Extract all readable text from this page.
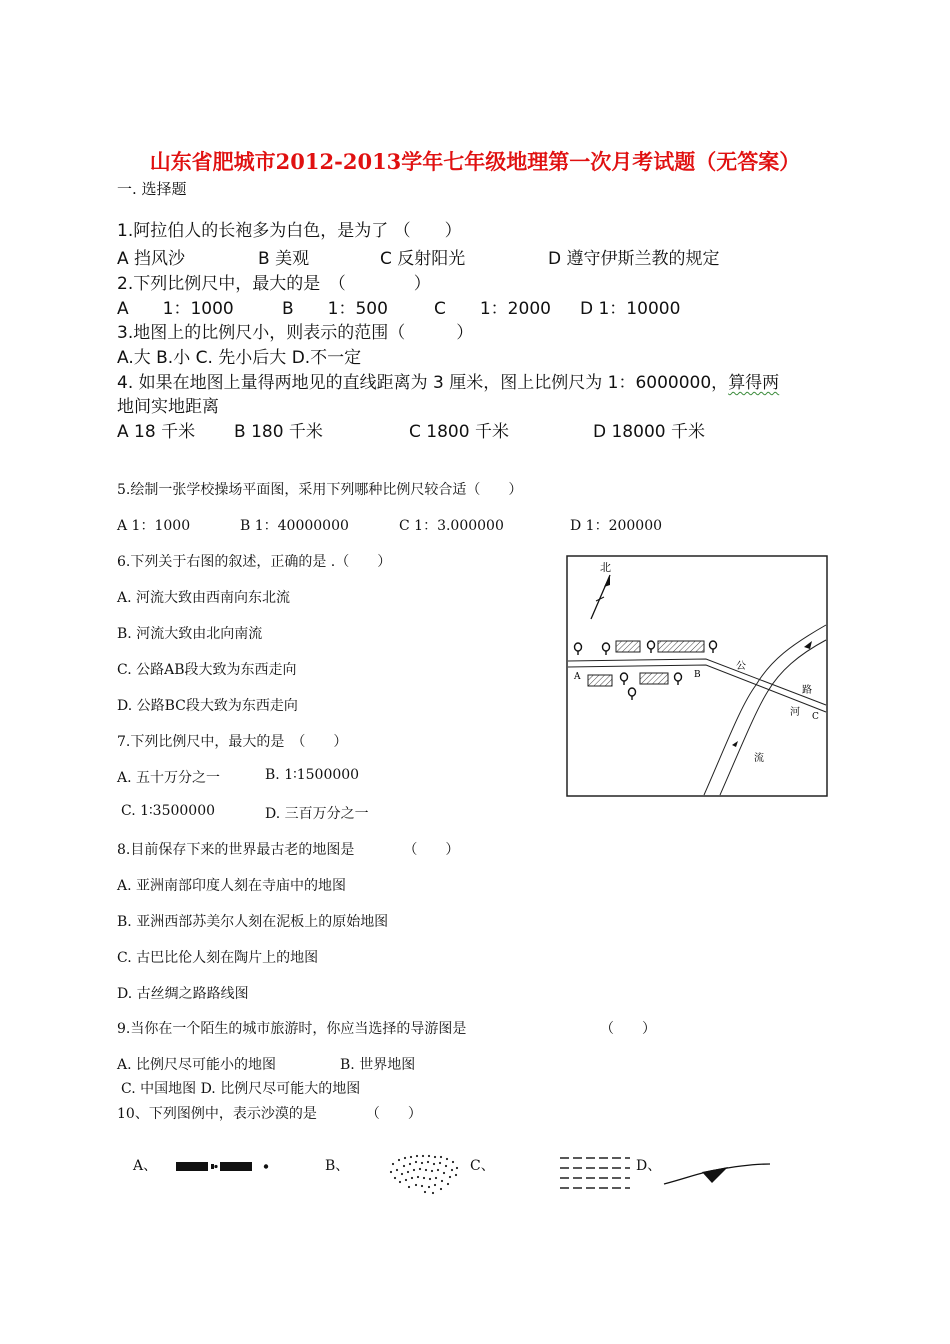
山东省肥城市2012-2013学年七年级地理第一次月考试题（无答案）
一. 选择题
1.阿拉伯人的长袍多为白色，是为了 （　　）
A 挡风沙	B 美观	C 反射阳光	D 遵守伊斯兰教的规定
2.下列比例尺中，最大的是　（　　　　）
A　　1：1000	B　　1：500	C　　1：2000 D 1：10000
3.地图上的比例尺小，则表示的范围（　　　）
A.大 B.小 C. 先小后大 D.不一定
4. 如果在地图上量得两地见的直线距离为 3 厘米，图上比例尺为 1：6000000，算得两
地间实地距离
A 18 千米 B 180 千米	C 1800 千米	D 18000 千米
5.绘制一张学校操场平面图，采用下列哪种比例尺较合适（　　）
A 1：1000	B 1：40000000	C 1：3.000000	D 1：200000
6.下列关于右图的叙述，正确的是 .（　　）
A. 河流大致由西南向东北流
B. 河流大致由北向南流
C. 公路AB段大致为东西走向
D. 公路BC段大致为东西走向
北
A	B
C
公
路
河
流
7.下列比例尺中，最大的是　（　　）
A. 五十万分之一	B. 1∶1500000
C. 1∶3500000	D. 三百万分之一
8.目前保存下来的世界最古老的地图是　　　　（　　）
A. 亚洲南部印度人刻在寺庙中的地图
B. 亚洲西部苏美尔人刻在泥板上的原始地图
C. 古巴比伦人刻在陶片上的地图
D. 古丝绸之路路线图
9.当你在一个陌生的城市旅游时，你应当选择的导游图是	（　　）
A. 比例尺尽可能小的地图	B. 世界地图
C. 中国地图 D. 比例尺尽可能大的地图
10、下列图例中，表示沙漠的是　　　　（　　）
A、	B、	C、	D、
